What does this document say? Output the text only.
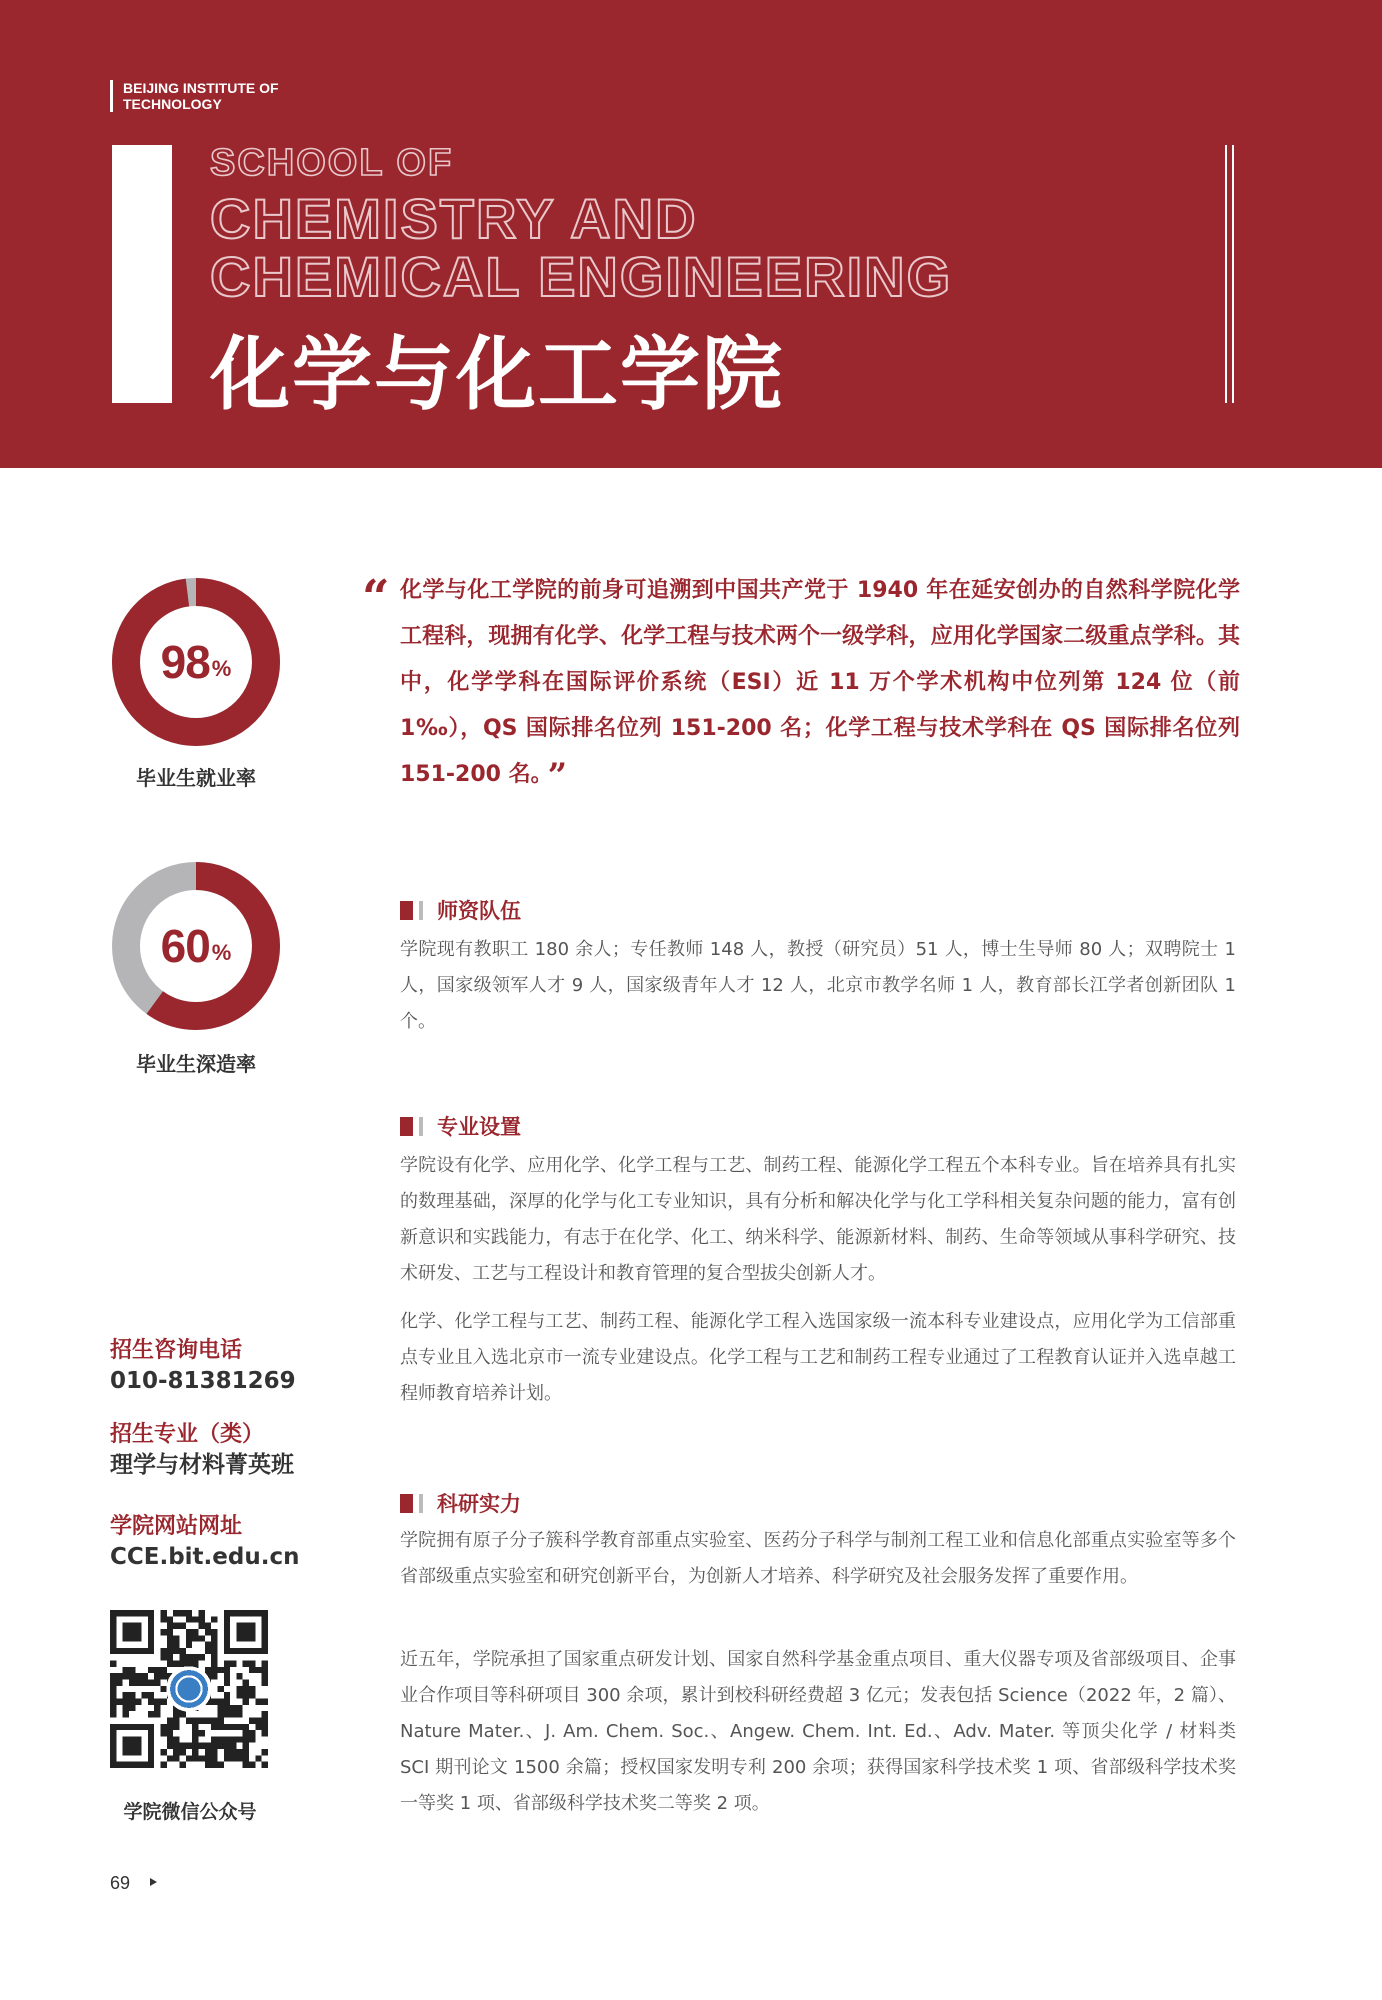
BEIJING INSTITUTE OF
TECHNOLOGY
SCHOOL OF
CHEMISTRY AND
CHEMICAL ENGINEERING
化学与化工学院
98 %
毕业生就业率
60 %
毕业生深造率
“ 化学与化工学院的前身可追溯到中国共产党于 1940 年在延安创办的自然科学院化学工程科，现拥有化学、化学工程与技术两个一级学科，应用化学国家二级重点学科。其中，化学学科在国际评价系统（ESI）近 11 万个学术机构中位列第 124 位（前 1‰），QS 国际排名位列 151-200 名；化学工程与技术学科在 QS 国际排名位列 151-200 名。 ”

师资队伍

学院现有教职工 180 余人；专任教师 148 人，教授（研究员）51 人，博士生导师 80 人；双聘院士 1 人，国家级领军人才 9 人，国家级青年人才 12 人，北京市教学名师 1 人，教育部长江学者创新团队 1 个。

专业设置

学院设有化学、应用化学、化学工程与工艺、制药工程、能源化学工程五个本科专业。旨在培养具有扎实的数理基础，深厚的化学与化工专业知识，具有分析和解决化学与化工学科相关复杂问题的能力，富有创新意识和实践能力，有志于在化学、化工、纳米科学、能源新材料、制药、生命等领域从事科学研究、技术研发、工艺与工程设计和教育管理的复合型拔尖创新人才。

化学、化学工程与工艺、制药工程、能源化学工程入选国家级一流本科专业建设点，应用化学为工信部重点专业且入选北京市一流专业建设点。化学工程与工艺和制药工程专业通过了工程教育认证并入选卓越工程师教育培养计划。

科研实力

学院拥有原子分子簇科学教育部重点实验室、医药分子科学与制剂工程工业和信息化部重点实验室等多个省部级重点实验室和研究创新平台，为创新人才培养、科学研究及社会服务发挥了重要作用。

近五年，学院承担了国家重点研发计划、国家自然科学基金重点项目、重大仪器专项及省部级项目、企事业合作项目等科研项目 300 余项，累计到校科研经费超 3 亿元；发表包括 Science（2022 年，2 篇）、Nature Mater.、J. Am. Chem. Soc.、Angew. Chem. Int. Ed.、Adv. Mater. 等顶尖化学 / 材料类 SCI 期刊论文 1500 余篇；授权国家发明专利 200 余项；获得国家科学技术奖 1 项、省部级科学技术奖一等奖 1 项、省部级科学技术奖二等奖 2 项。

招生咨询电话
010-81381269
招生专业（类）
理学与材料菁英班
学院网站网址
CCE.bit.edu.cn
学院微信公众号
69
